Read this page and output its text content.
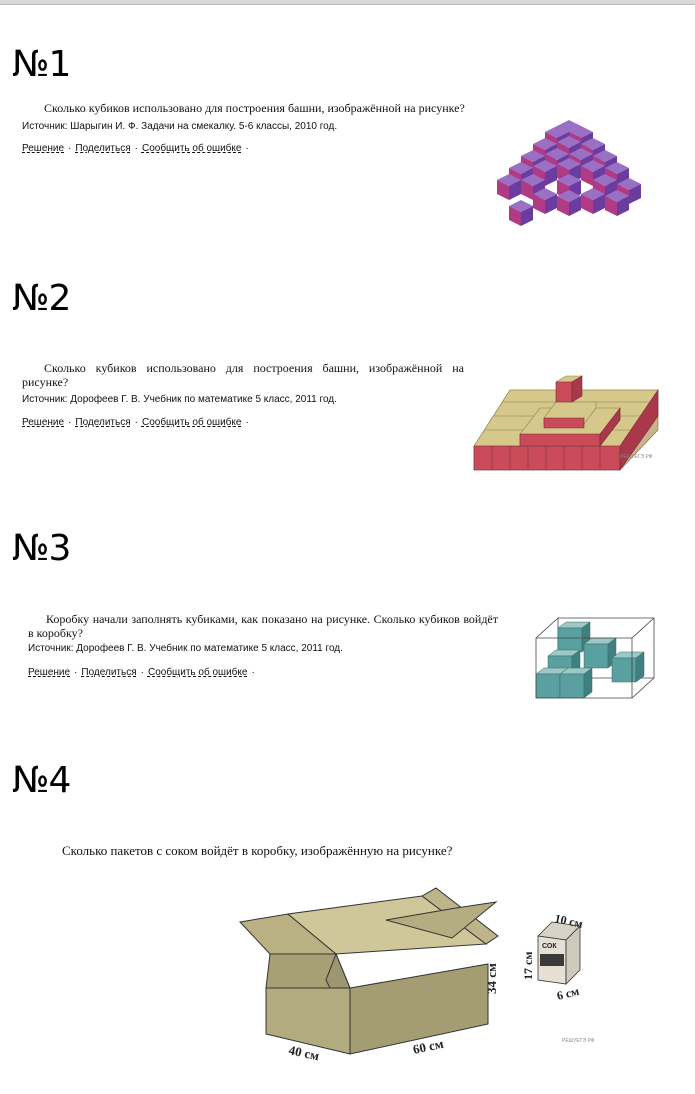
№1
Сколько кубиков использовано для построения башни, изображённой на рисунке?
Источник: Шарыгин И. Ф. Задачи на смекалку. 5-6 классы, 2010 год.
Решение · Поделиться · Сообщить об ошибке ·
№2
Сколько кубиков использовано для построения башни, изображённой на рисунке?
Источник: Дорофеев Г. В. Учебник по математике 5 класс, 2011 год.
Решение · Поделиться · Сообщить об ошибке ·
РЕШУЕГЭ.РФ
№3
Коробку начали заполнять кубиками, как показано на рисунке. Сколько кубиков войдёт в коробку?
Источник: Дорофеев Г. В. Учебник по математике 5 класс, 2011 год.
Решение · Поделиться · Сообщить об ошибке ·
№4
Сколько пакетов с соком войдёт в коробку, изображённую на рисунке?
34 см
40 см	60 см
СОК
10 см
17 см
6 см
РЕШУЕГЭ.РФ
